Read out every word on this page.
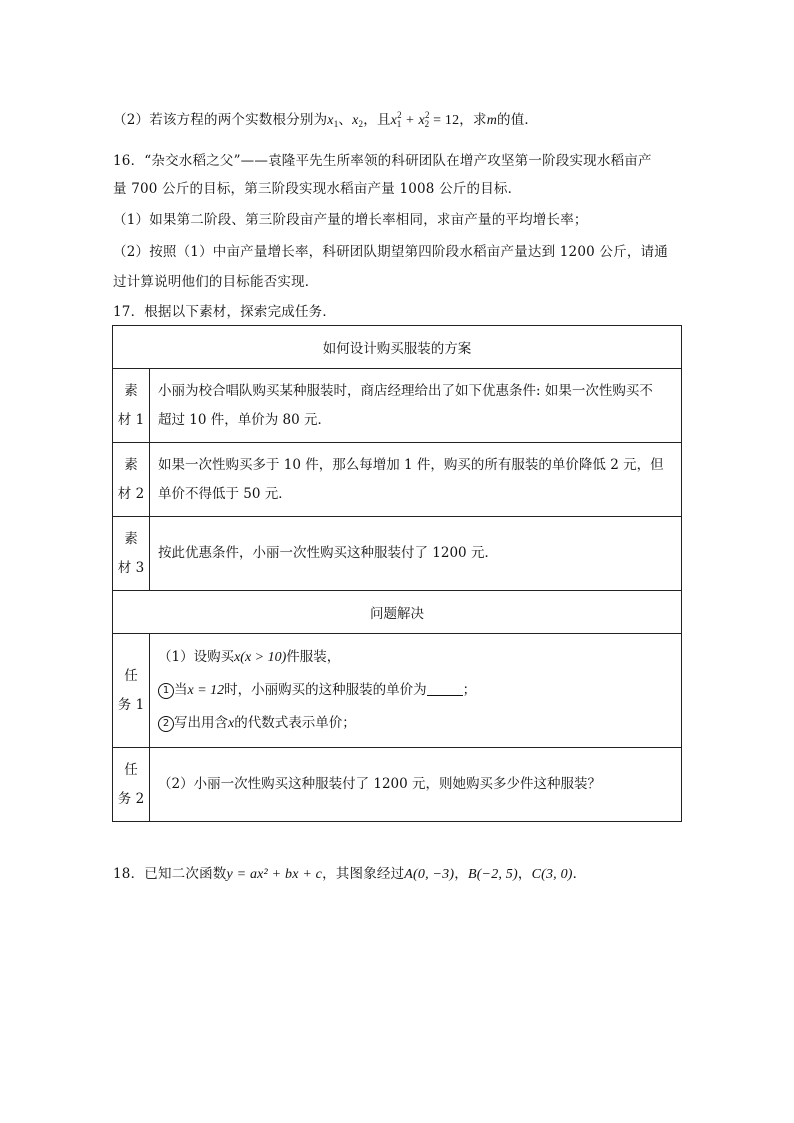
（2）若该方程的两个实数根分别为$x_1$、$x_2$，且$x^2_1 + x^2_2 = 12$，求m的值．
16．“杂交水稻之父”——袁隆平先生所率领的科研团队在增产攻坚第一阶段实现水稻亩产
量 700 公斤的目标，第三阶段实现水稻亩产量 1008 公斤的目标．
（1）如果第二阶段、第三阶段亩产量的增长率相同，求亩产量的平均增长率；
（2）按照（1）中亩产量增长率，科研团队期望第四阶段水稻亩产量达到 1200 公斤，请通
过计算说明他们的目标能否实现．
17．根据以下素材，探索完成任务．
如何设计购买服装的方案	
素
材 1	小丽为校合唱队购买某种服装时，商店经理给出了如下优惠条件: 如果一次性购买不
超过 10 件，单价为 80 元．
素
材 2	如果一次性购买多于 10 件，那么每增加 1 件，购买的所有服装的单价降低 2 元，但
单价不得低于 50 元．
素
材 3	按此优惠条件，小丽一次性购买这种服装付了 1200 元．
问题解决	
任
务 1	（1）设购买x(x > 10)件服装，
1 当x = 12时，小丽购买的这种服装的单价为 ；
2 写出用含x的代数式表示单价；
任
务 2	（2）小丽一次性购买这种服装付了 1200 元，则她购买多少件这种服装？
18．已知二次函数y = ax² + bx + c，其图象经过A(0, −3)，B(−2, 5)，C(3, 0)．
